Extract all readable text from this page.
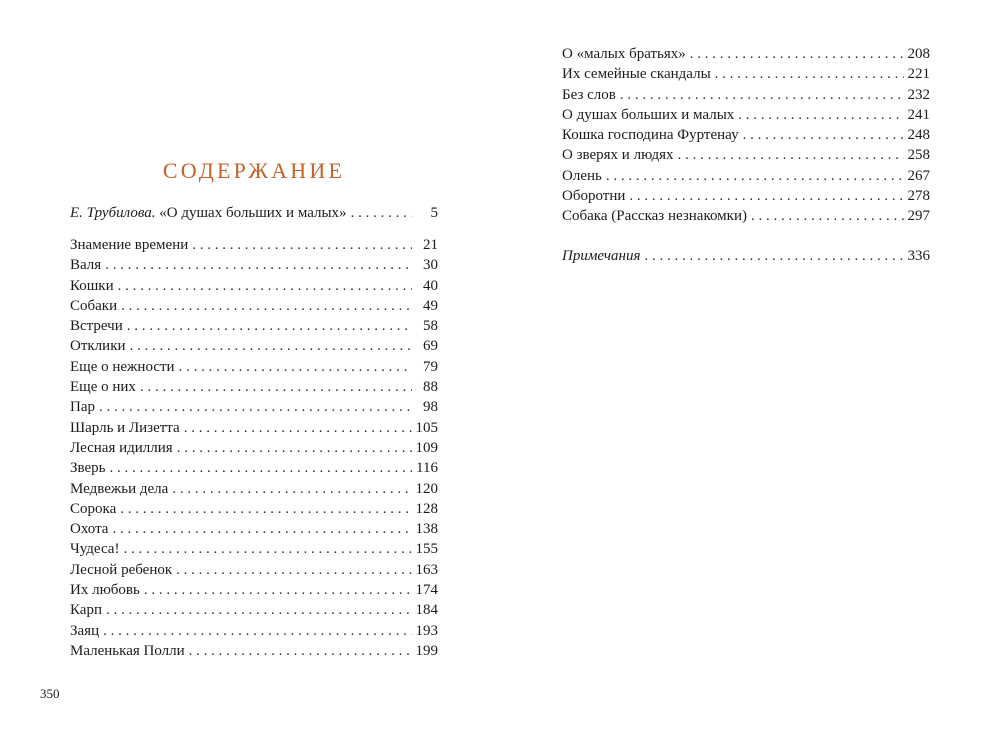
СОДЕРЖАНИЕ
Е. Трубилова. «О душах больших и малых» . . .	5
Знамение времени . . .	21
Валя . . .	30
Кошки . . .	40
Собаки . . .	49
Встречи . . .	58
Отклики . . .	69
Еще о нежности . . .	79
Еще о них . . .	88
Пар . . .	98
Шарль и Лизетта . . .	105
Лесная идиллия . . .	109
Зверь . . .	116
Медвежьи дела . . .	120
Сорока . . .	128
Охота . . .	138
Чудеса! . . .	155
Лесной ребенок . . .	163
Их любовь . . .	174
Карп . . .	184
Заяц . . .	193
Маленькая Полли . . .	199
350
О «малых братьях» . . .	208
Их семейные скандалы . . .	221
Без слов . . .	232
О душах больших и малых . . .	241
Кошка господина Фуртенау . . .	248
О зверях и людях . . .	258
Олень . . .	267
Оборотни . . .	278
Собака (Рассказ незнакомки) . . .	297
Примечания . . .	336
